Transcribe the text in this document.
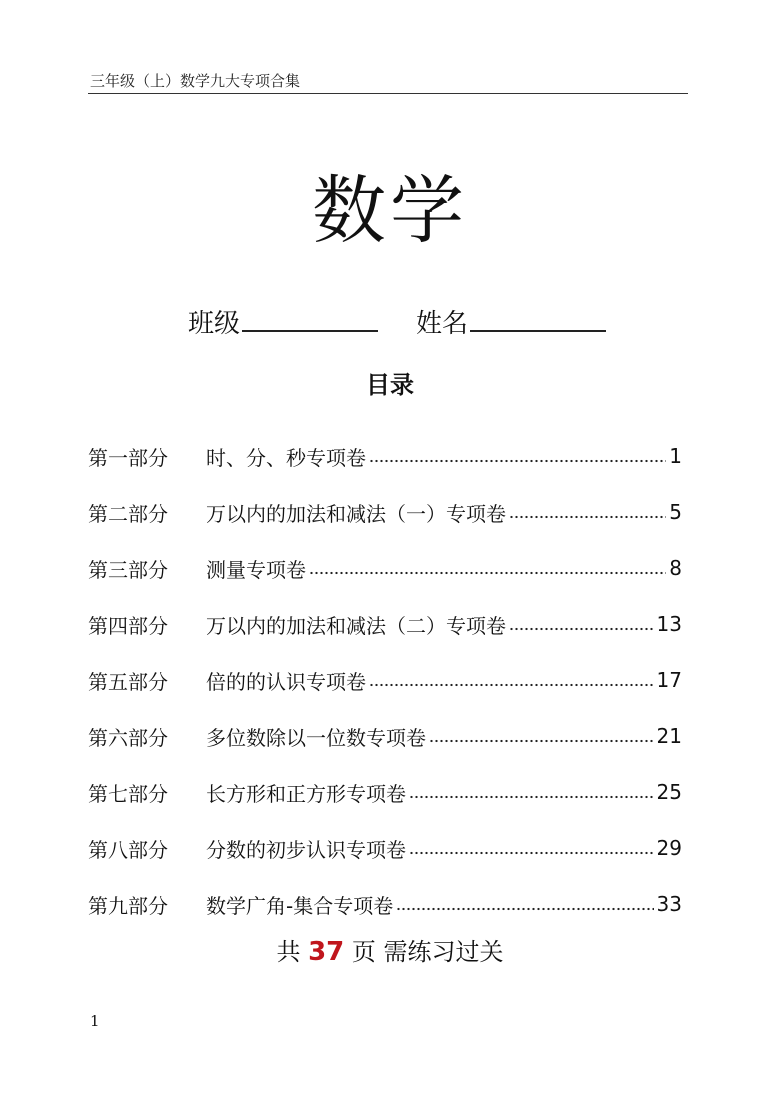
三年级（上）数学九大专项合集
数学
班级	姓名
目录
第一部分	时、分、秒专项卷	1
第二部分	万以内的加法和减法（一）专项卷	5
第三部分	测量专项卷	8
第四部分	万以内的加法和减法（二）专项卷	13
第五部分	倍的的认识专项卷	17
第六部分	多位数除以一位数专项卷	21
第七部分	长方形和正方形专项卷	25
第八部分	分数的初步认识专项卷	29
第九部分	数学广角-集合专项卷	33
共 37 页 需练习过关
1
